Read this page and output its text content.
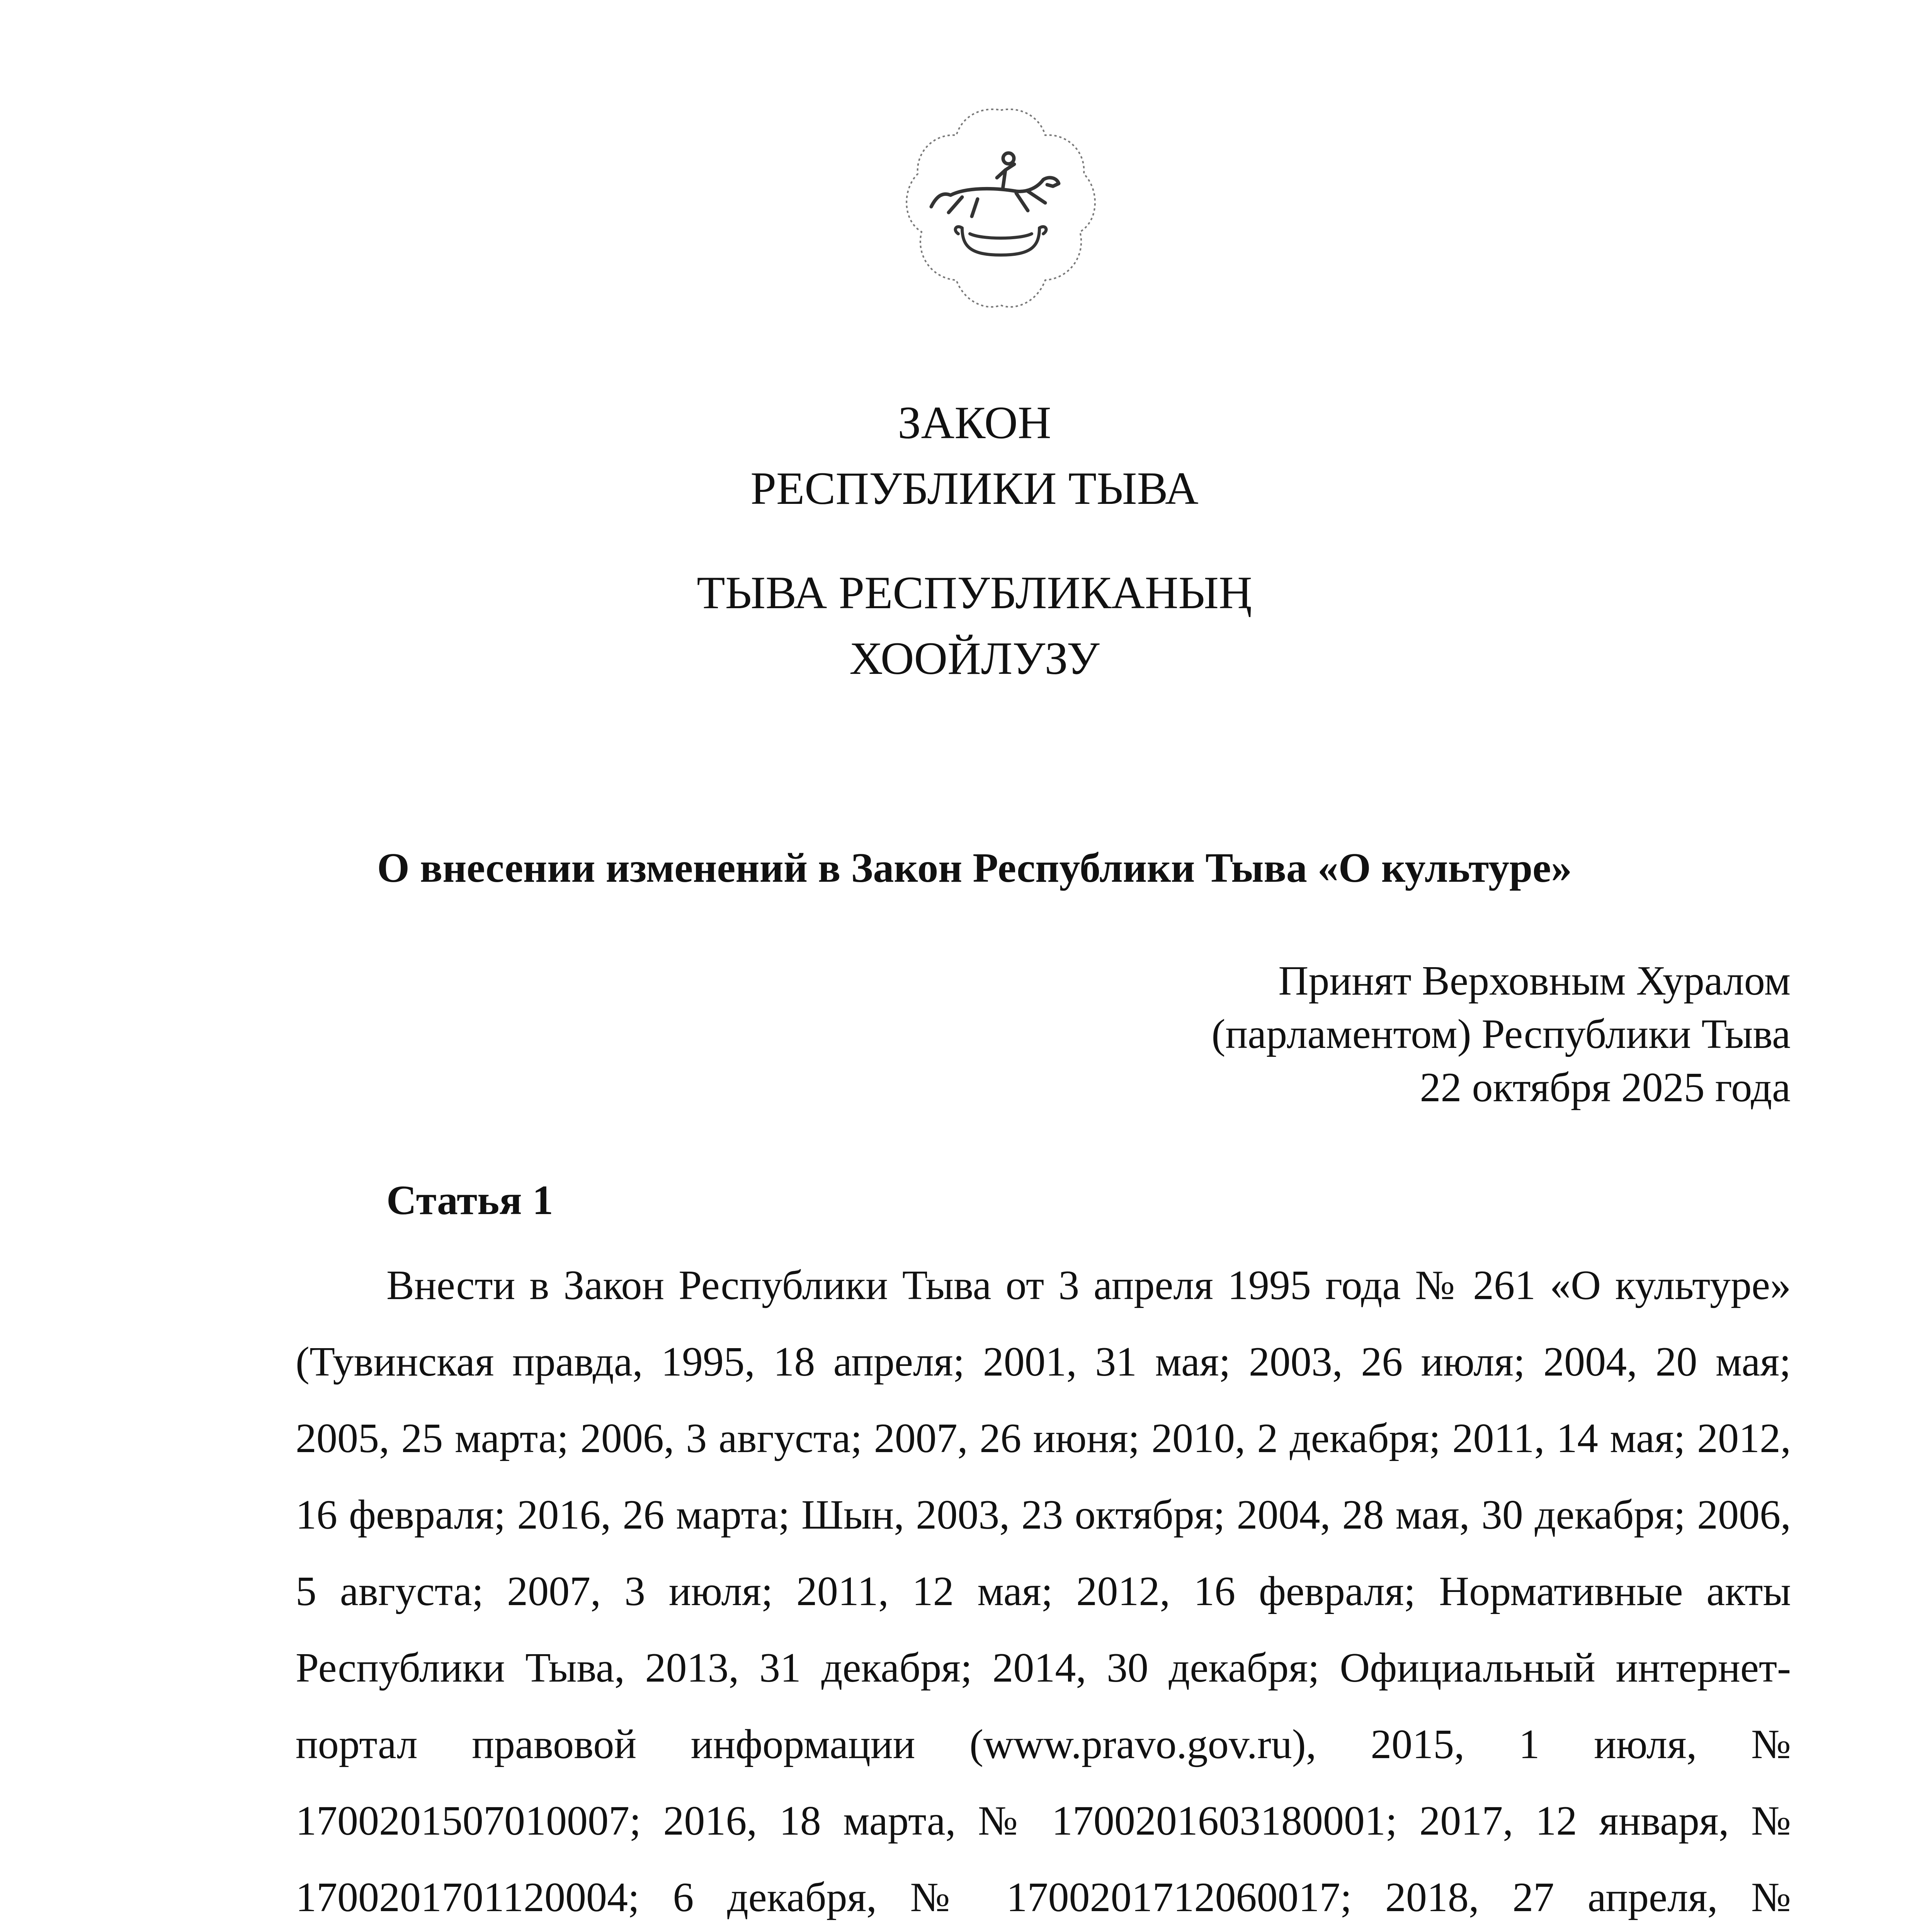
ЗАКОН
РЕСПУБЛИКИ ТЫВА
ТЫВА РЕСПУБЛИКАНЫҢ
ХООЙЛУЗУ
О внесении изменений в Закон Республики Тыва «О культуре»
Принят Верховным Хуралом
(парламентом) Республики Тыва
22 октября 2025 года
Статья 1

Внести в Закон Республики Тыва от 3 апреля 1995 года № 261 «О культуре» (Тувинская правда, 1995, 18 апреля; 2001, 31 мая; 2003, 26 июля; 2004, 20 мая; 2005, 25 марта; 2006, 3 августа; 2007, 26 июня; 2010, 2 декабря; 2011, 14 мая; 2012, 16 февраля; 2016, 26 марта; Шын, 2003, 23 октября; 2004, 28 мая, 30 декабря; 2006, 5 августа; 2007, 3 июля; 2011, 12 мая; 2012, 16 февраля; Нормативные акты Республики Тыва, 2013, 31 декабря; 2014, 30 декабря; Официальный интернет-портал правовой информации (www.pravo.gov.ru), 2015, 1 июля, № 1700201507010007; 2016, 18 марта, № 1700201603180001; 2017, 12 января, № 1700201701120004; 6 декабря, № 1700201712060017; 2018, 27 апреля, №
